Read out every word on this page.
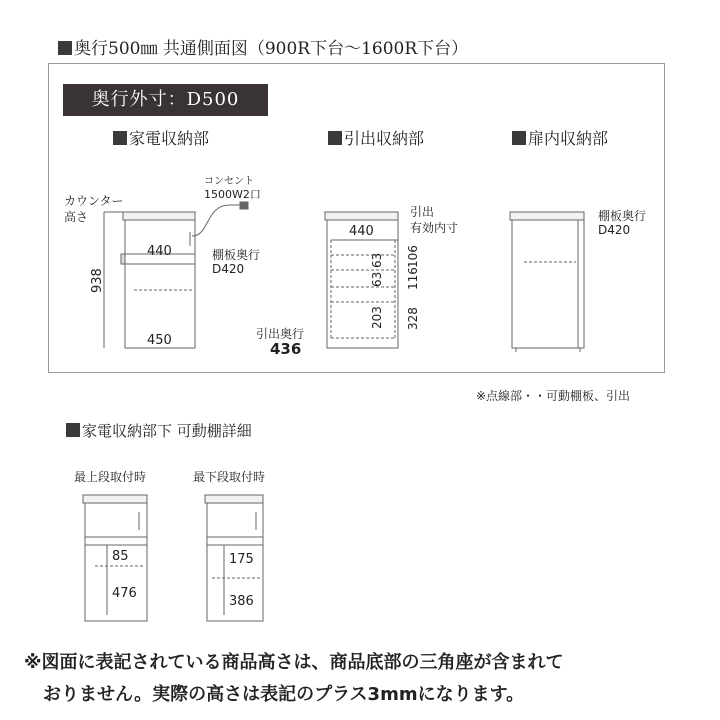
奥行500㎜ 共通側面図（900R下台〜1600R下台）
奥行外寸：D500
家電収納部	引出収納部	扉内収納部
カウンター
高さ
コンセント
1500W2口
棚板奥行
D420
938
440
450
440
引出
有効内寸
63
63
203
106
116
328
引出奥行
436
棚板奥行
D420
※点線部・・可動棚板、引出
家電収納部下 可動棚詳細
最上段取付時	最下段取付時
85
476
175
386
※図面に表記されている商品高さは、商品底部の三角座が含まれて
おりません。実際の高さは表記のプラス3mmになります。
